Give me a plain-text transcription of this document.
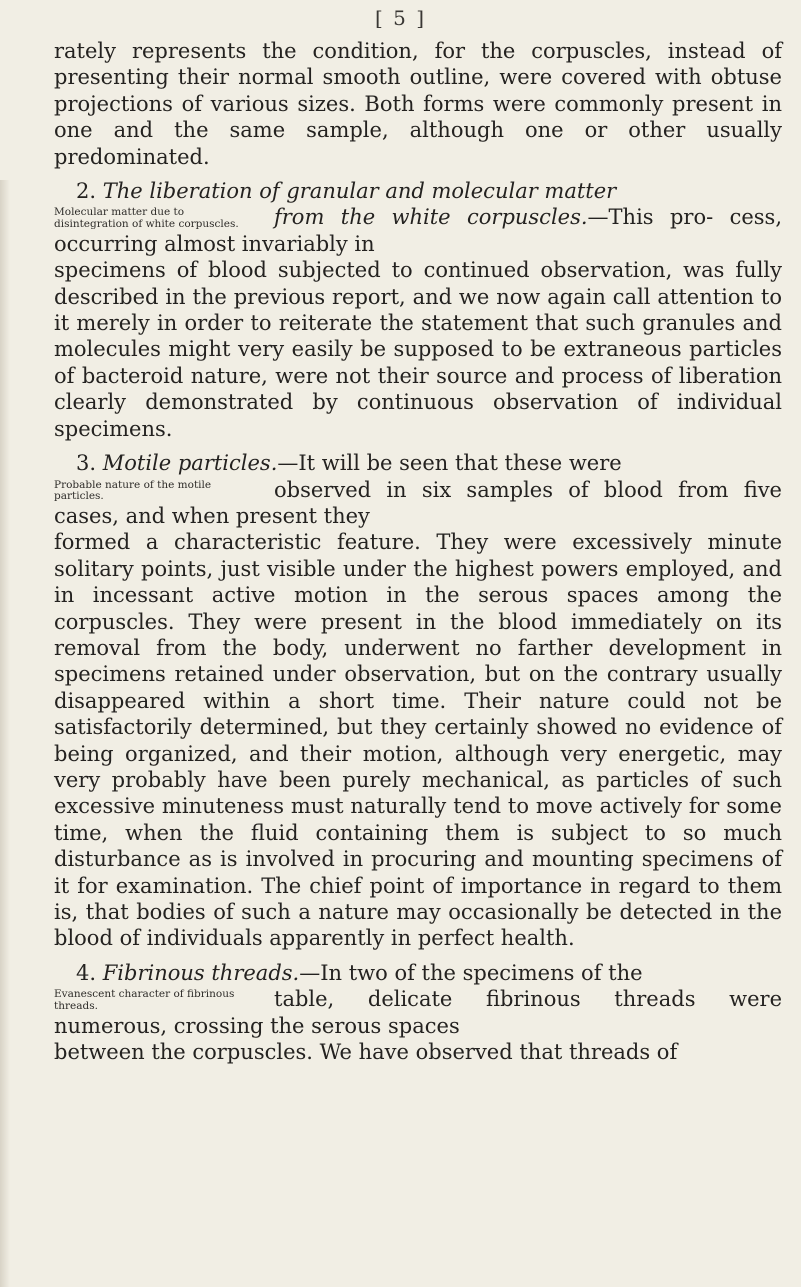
[ 5 ]

rately represents the condition, for the corpuscles, instead of presenting their normal smooth outline, were covered with obtuse projections of various sizes. Both forms were commonly present in one and the same sample, although one or other usually predominated.

2. The liberation of granular and molecular matter
Molecular matter due to disintegration of white corpuscles.	from the white corpuscles.—This pro- cess, occurring almost invariably in

specimens of blood subjected to continued observation, was fully described in the previous report, and we now again call attention to it merely in order to reiterate the statement that such granules and molecules might very easily be supposed to be extraneous particles of bacteroid nature, were not their source and process of liberation clearly demonstrated by continuous observation of individual specimens.

3. Motile particles.—It will be seen that these were
Probable nature of the motile particles.	observed in six samples of blood from five cases, and when present they

formed a characteristic feature. They were excessively minute solitary points, just visible under the highest powers employed, and in incessant active motion in the serous spaces among the corpuscles. They were present in the blood immediately on its removal from the body, underwent no farther development in specimens retained under observation, but on the contrary usually disappeared within a short time. Their nature could not be satisfactorily determined, but they certainly showed no evidence of being organized, and their motion, although very energetic, may very probably have been purely mechanical, as particles of such excessive minuteness must naturally tend to move actively for some time, when the fluid containing them is subject to so much disturbance as is involved in procuring and mounting specimens of it for examination. The chief point of importance in regard to them is, that bodies of such a nature may occasionally be detected in the blood of individuals apparently in perfect health.

4. Fibrinous threads.—In two of the specimens of the
Evanescent character of fibrinous threads.	table, delicate fibrinous threads were numerous, crossing the serous spaces

between the corpuscles. We have observed that threads of
